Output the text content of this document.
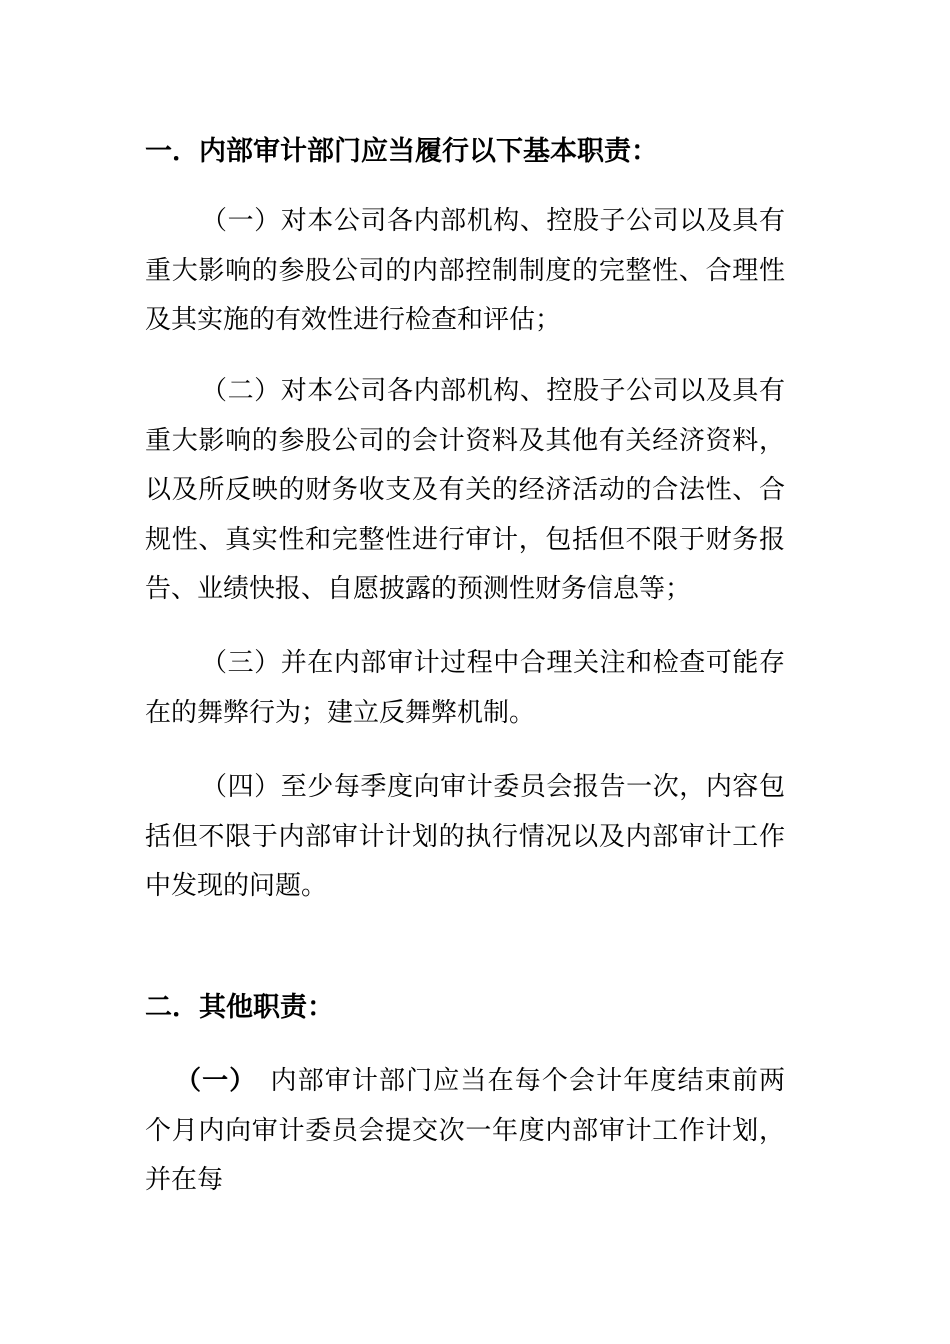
一．内部审计部门应当履行以下基本职责：

（一）对本公司各内部机构、控股子公司以及具有重大影响的参股公司的内部控制制度的完整性、合理性及其实施的有效性进行检查和评估；

（二）对本公司各内部机构、控股子公司以及具有重大影响的参股公司的会计资料及其他有关经济资料，以及所反映的财务收支及有关的经济活动的合法性、合规性、真实性和完整性进行审计，包括但不限于财务报告、业绩快报、自愿披露的预测性财务信息等；

（三）并在内部审计过程中合理关注和检查可能存在的舞弊行为；建立反舞弊机制。

（四）至少每季度向审计委员会报告一次，内容包括但不限于内部审计计划的执行情况以及内部审计工作中发现的问题。

二．其他职责：

（一） 内部审计部门应当在每个会计年度结束前两个月内向审计委员会提交次一年度内部审计工作计划，并在每
